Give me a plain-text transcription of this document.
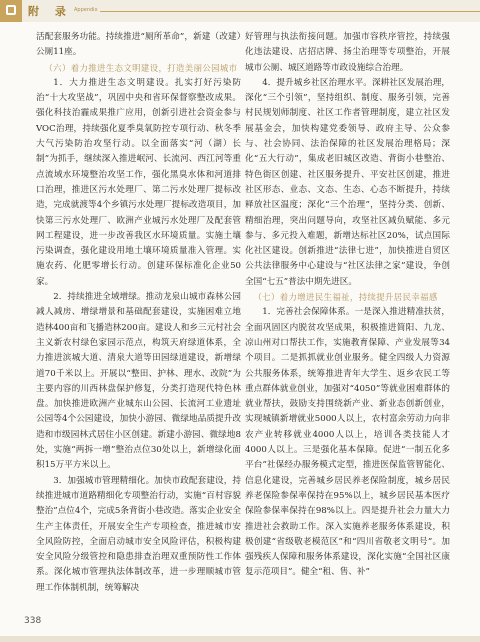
附 录 Appendix

活配套服务功能。持续推进“厕所革命”，新建（改建）公厕11座。

（六）着力推进生态文明建设，打造美丽公园城市

1．大力推进生态文明建设。扎实打好污染防治“十大攻坚战”，巩固中央和省环保督察整改成果。强化科技治霾成果推广应用，创新引进社会资金参与VOC治理，持续强化夏季臭氧防控专项行动、秋冬季大气污染防治攻坚行动。以全面落实“河（湖）长制”为抓手，继续深入推进岷河、长流河、西江河等重点流域水环境整治攻坚工作，强化黑臭水体和河道排口治理，推进区污水处理厂、第二污水处理厂提标改造，完成就渡等4个乡镇污水处理厂提标改造项目，加快第三污水处理厂、欧洲产业城污水处理厂及配套管网工程建设，进一步改善我区水环境质量。实施土壤污染调查，强化建设用地土壤环境质量准入管理。实施农药、化肥零增长行动。创建环保标准化企业50家。

2．持续推进全域增绿。推动龙泉山城市森林公园减人减房、增绿增景和基础配套建设，实施困难立地造林400亩和飞播造林200亩。建设人和乡三元村社会主义新农村绿色家园示范点，构筑天府绿道体系，全力推进滨城大道、清泉大道等田园绿道建设，新增绿道70千米以上。开展以“整田、护林、理水、改院”为主要内容的川西林盘保护修复，分类打造现代特色林盘。加快推进欧洲产业城东山公园、长流河工业遗址公园等4个公园建设，加快小游园、微绿地品质提升改造和市级园林式居住小区创建。新建小游园、微绿地8处，实施“两拆一增”整治点位30处以上，新增绿化面积15万平方米以上。

3．加强城市管理精细化。加快市政配套建设，持续推进城市道路精细化专项整治行动，实施“百村容貌整治”点位4个，完成5条背街小巷改造。落实企业安全生产主体责任，开展安全生产专项检查，推进城市安全风险防控，全面启动城市安全风险评估，积极构建安全风险分级管控和隐患排查治理双重预防性工作体系。深化城市管理执法体制改革，进一步理顺城市管理工作体制机制，统筹解决

好管理与执法衔接问题。加强市容秩序管控，持续强化违法建设、店招店牌、扬尘治理等专项整治，开展城市公厕、城区道路等市政设施综合治理。

4．提升城乡社区治理水平。深耕社区发展治理，深化“三个引领”，坚持组织、制度、服务引领，完善村民规划师制度、社区工作者管理制度，建立社区发展基金会，加快构建党委领导、政府主导、公众参与、社会协同、法治保障的社区发展治理格局；深化“五大行动”，集成老旧城区改造、背街小巷整治、特色街区创建、社区服务提升、平安社区创建，推进社区形态、业态、文态、生态、心态不断提升，持续释放社区温度；深化“三个治理”，坚持分类、创新、精细治理，突出问题导向，攻坚社区减负赋能、多元参与、多元投入难题，新增达标社区20%，试点国际化社区建设。创新推进“法律七进”，加快推进自贸区公共法律服务中心建设与“社区法律之家”建设，争创全国“七五”普法中期先进区。

（七）着力增进民生福祉，持续提升居民幸福感

1．完善社会保障体系。一是深入推进精准扶贫，全面巩固区内脱贫攻坚成果，积极推进简阳、九龙、凉山州对口帮扶工作，实施教育保障、产业发展等34个项目。二是抓抓就业创业服务。健全四级人力资源公共服务体系，统筹推进青年大学生、返乡农民工等重点群体就业创业，加强对“4050”等就业困难群体的就业帮扶，鼓励支持围绕新产业、新业态创新创业，实现城镇新增就业5000人以上，农村富余劳动力向非农产业转移就业4000人以上，培训各类技能人才4000人以上。三是强化基本保障。促进“一制五化多平台”社保经办服务模式定型，推进医保监管智能化、信息化建设，完善城乡居民养老保险制度，城乡居民养老保险参保率保持在95%以上，城乡居民基本医疗保险参保率保持在98%以上。四是提升社会力量大力推进社会救助工作。深入实施养老服务体系建设，积极创建“省级敬老模范区”和“四川省敬老文明号”。加强残疾人保障和服务体系建设，深化实施“全国社区康复示范项目”。健全“租、售、补”

338
